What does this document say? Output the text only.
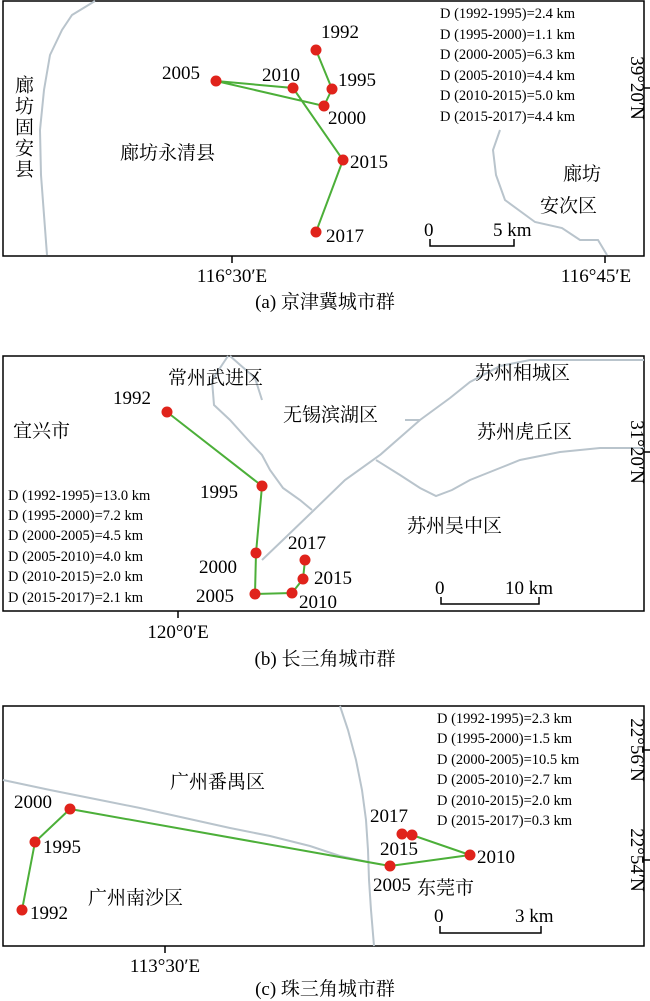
1992
1995
2000
2005	2010
2015
2017
廊坊固安县	廊坊永清县
廊坊
安次区
D (1992-1995)=2.4 km
D (1995-2000)=1.1 km
D (2000-2005)=6.3 km
D (2005-2010)=4.4 km
D (2010-2015)=5.0 km
D (2015-2017)=4.4 km
0	5 km
116°30′E	116°45′E
39°20′N
(a) 京津冀城市群
1992
1995
2000
2005	2010
2015
2017
常州武进区
宜兴市
无锡滨湖区
苏州相城区
苏州虎丘区
苏州吴中区
D (1992-1995)=13.0 km
D (1995-2000)=7.2 km
D (2000-2005)=4.5 km
D (2005-2010)=4.0 km
D (2010-2015)=2.0 km
D (2015-2017)=2.1 km	0	10 km
120°0′E
31°20′N
(b) 长三角城市群
1992
1995
2000
2005
2010
2015
2017
广州番禺区
广州南沙区	东莞市
D (1992-1995)=2.3 km
D (1995-2000)=1.5 km
D (2000-2005)=10.5 km
D (2005-2010)=2.7 km
D (2010-2015)=2.0 km
D (2015-2017)=0.3 km
0	3 km
113°30′E
22°56′N
22°54′N
(c) 珠三角城市群
